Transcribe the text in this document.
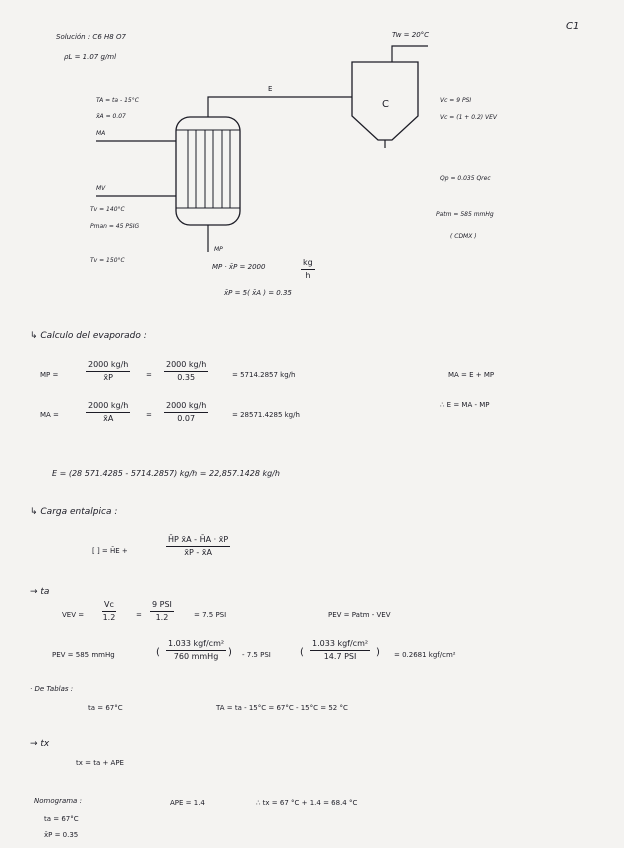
C1
Solución : C6 H8 O7
ρL = 1.07 g/ml
Tw = 20°C
C
E
Vc = 9 PSI
Vc = (1 + 0.2) VEV
Qp = 0.035 Qrec
Patm = 585 mmHg
( CDMX )
TA = ta - 15°C
x̄A = 0.07
MA
MV
Tv = 140°C
Pman = 45 PSIG
Tv = 150°C
MP
MP · x̄P = 2000	$\frac{kg}{h}$
x̄P = 5( x̄A ) = 0.35
↳ Calculo del evaporado :
MP =	$\frac{2000 kg/h}{x̄P} = \frac{2000 kg/h}{0.35}$	= 5714.2857 kg/h
MA =	$\frac{2000 kg/h}{x̄A} = \frac{2000 kg/h}{0.07}$	= 28571.4285 kg/h
MA = E + MP
∴ E = MA - MP
E = (28 571.4285 - 5714.2857) kg/h = 22,857.1428 kg/h
↳ Carga entalpica :
[ ] = H̄E +	$\frac{\text{H̄P x̄A - H̄A · x̄P}}{x̄P - x̄A}$
→ ta
VEV = $\frac{Vc}{1.2}$	=
9 PSI
1.2	= 7.5 PSI	PEV = Patm - VEV
PEV = 585 mmHg	(
1.033 kgf/cm²
760 mmHg ) - 7.5 PSI	(
1.033 kgf/cm²
14.7 PSI	) = 0.2681 kgf/cm²
· De Tablas :
ta = 67°C	TA = ta - 15°C = 67°C - 15°C = 52 °C
→ tx
tx = ta + APE
Nomograma :
ta = 67°C
x̄P = 0.35
APE = 1.4	∴ tx = 67 °C + 1.4 = 68.4 °C
